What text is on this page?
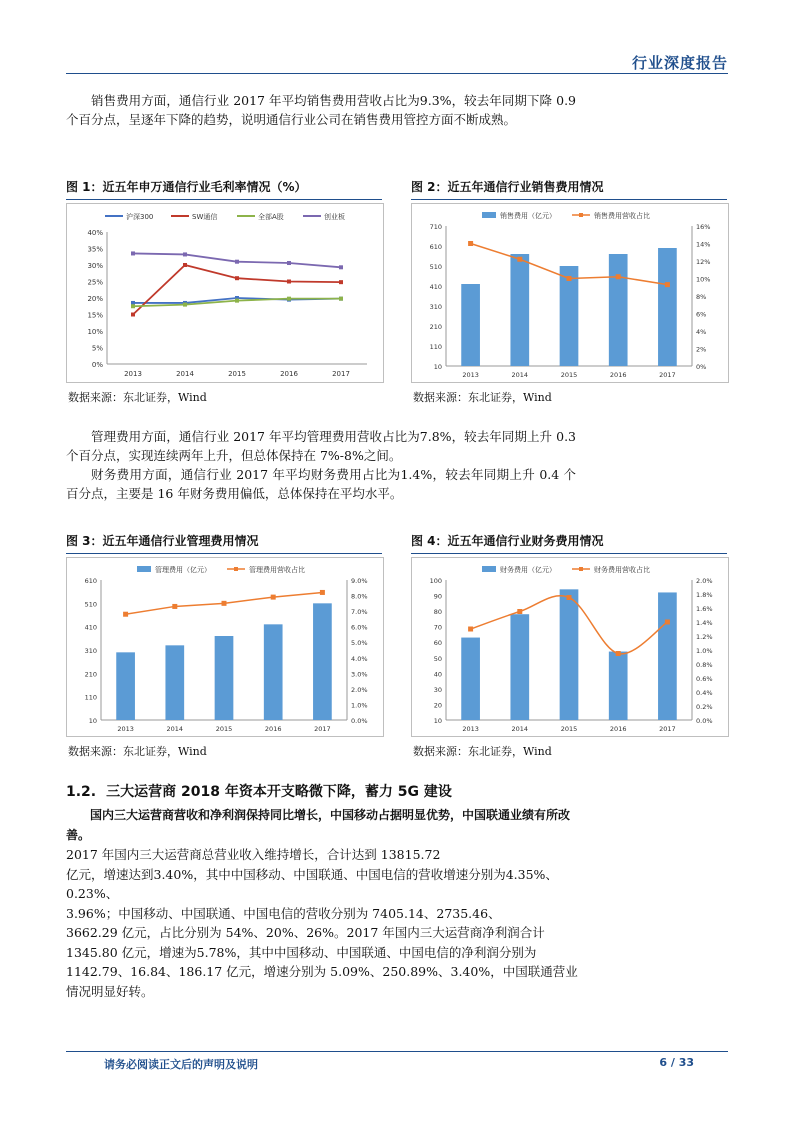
行业深度报告

销售费用方面，通信行业 2017 年平均销售费用营收占比为9.3%，较去年同期下降 0.9 个百分点，呈逐年下降的趋势，说明通信行业公司在销售费用管控方面不断成熟。

图 1：近五年申万通信行业毛利率情况（%）	图 2：近五年通信行业销售费用情况
0%
5%
10%
15%
20%
25%
30%
35%
40%
2013	2014	2015	2016	2017
沪深300	SW通信	全部A股	创业板
10
110
210
310
410
510
610
710
0%
2%
4%
6%
8%
10%
12%
14%
16%
2013	2014	2015	2016	2017
销售费用（亿元）	销售费用营收占比
数据来源：东北证券，Wind	数据来源：东北证券，Wind

管理费用方面，通信行业 2017 年平均管理费用营收占比为7.8%，较去年同期上升 0.3 个百分点，实现连续两年上升，但总体保持在 7%-8%之间。

财务费用方面，通信行业 2017 年平均财务费用占比为1.4%，较去年同期上升 0.4 个百分点，主要是 16 年财务费用偏低，总体保持在平均水平。

图 3：近五年通信行业管理费用情况	图 4：近五年通信行业财务费用情况
10
110
210
310
410
510
610
0.0%
1.0%
2.0%
3.0%
4.0%
5.0%
6.0%
7.0%
8.0%
9.0%
2013	2014	2015	2016	2017
管理费用（亿元）	管理费用营收占比
10
20
30
40
50
60
70
80
90
100
0.0%
0.2%
0.4%
0.6%
0.8%
1.0%
1.2%
1.4%
1.6%
1.8%
2.0%
2013	2014	2015	2016	2017
财务费用（亿元）	财务费用营收占比
数据来源：东北证券，Wind	数据来源：东北证券，Wind
1.2. 三大运营商 2018 年资本开支略微下降，蓄力 5G 建设
国内三大运营商营收和净利润保持同比增长，中国移动占据明显优势，中国联通业绩有所改善。
2017 年国内三大运营商总营业收入维持增长，合计达到 13815.72
亿元，增速达到3.40%，其中中国移动、中国联通、中国电信的营收增速分别为4.35%、 0.23%、
3.96%；中国移动、中国联通、中国电信的营收分别为 7405.14、2735.46、
3662.29 亿元，占比分别为 54%、20%、26%。2017 年国内三大运营商净利润合计
1345.80 亿元，增速为5.78%，其中中国移动、中国联通、中国电信的净利润分别为
1142.79、16.84、186.17 亿元，增速分别为 5.09%、250.89%、3.40%，中国联通营业
情况明显好转。
请务必阅读正文后的声明及说明	6 / 33
